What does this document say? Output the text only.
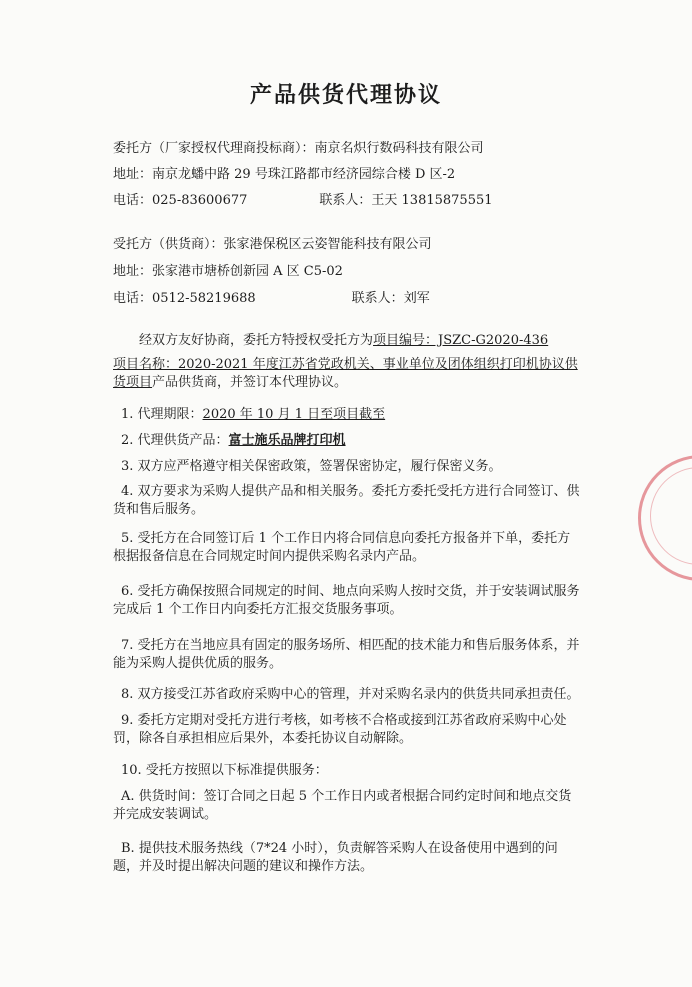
产品供货代理协议
委托方（厂家授权代理商投标商）：南京名炽行数码科技有限公司
地址：南京龙蟠中路 29 号珠江路都市经济园综合楼 D 区-2
电话：025-83600677	联系人：王天 13815875551
受托方（供货商）：张家港保税区云姿智能科技有限公司
地址：张家港市塘桥创新园 A 区 C5-02
电话：0512-58219688	联系人：刘军
经双方友好协商，委托方特授权受托方为项目编号：JSZC-G2020-436
项目名称：2020-2021 年度江苏省党政机关、事业单位及团体组织打印机协议供货项目产品供货商，并签订本代理协议。
1. 代理期限：2020 年 10 月 1 日至项目截至
2. 代理供货产品：富士施乐品牌打印机
3. 双方应严格遵守相关保密政策，签署保密协定，履行保密义务。
4. 双方要求为采购人提供产品和相关服务。委托方委托受托方进行合同签订、供货和售后服务。
5. 受托方在合同签订后 1 个工作日内将合同信息向委托方报备并下单，委托方根据报备信息在合同规定时间内提供采购名录内产品。
6. 受托方确保按照合同规定的时间、地点向采购人按时交货，并于安装调试服务完成后 1 个工作日内向委托方汇报交货服务事项。
7. 受托方在当地应具有固定的服务场所、相匹配的技术能力和售后服务体系，并能为采购人提供优质的服务。
8. 双方接受江苏省政府采购中心的管理，并对采购名录内的供货共同承担责任。
9. 委托方定期对受托方进行考核，如考核不合格或接到江苏省政府采购中心处罚，除各自承担相应后果外，本委托协议自动解除。
10. 受托方按照以下标准提供服务：
A. 供货时间：签订合同之日起 5 个工作日内或者根据合同约定时间和地点交货并完成安装调试。
B. 提供技术服务热线（7*24 小时），负责解答采购人在设备使用中遇到的问题，并及时提出解决问题的建议和操作方法。
